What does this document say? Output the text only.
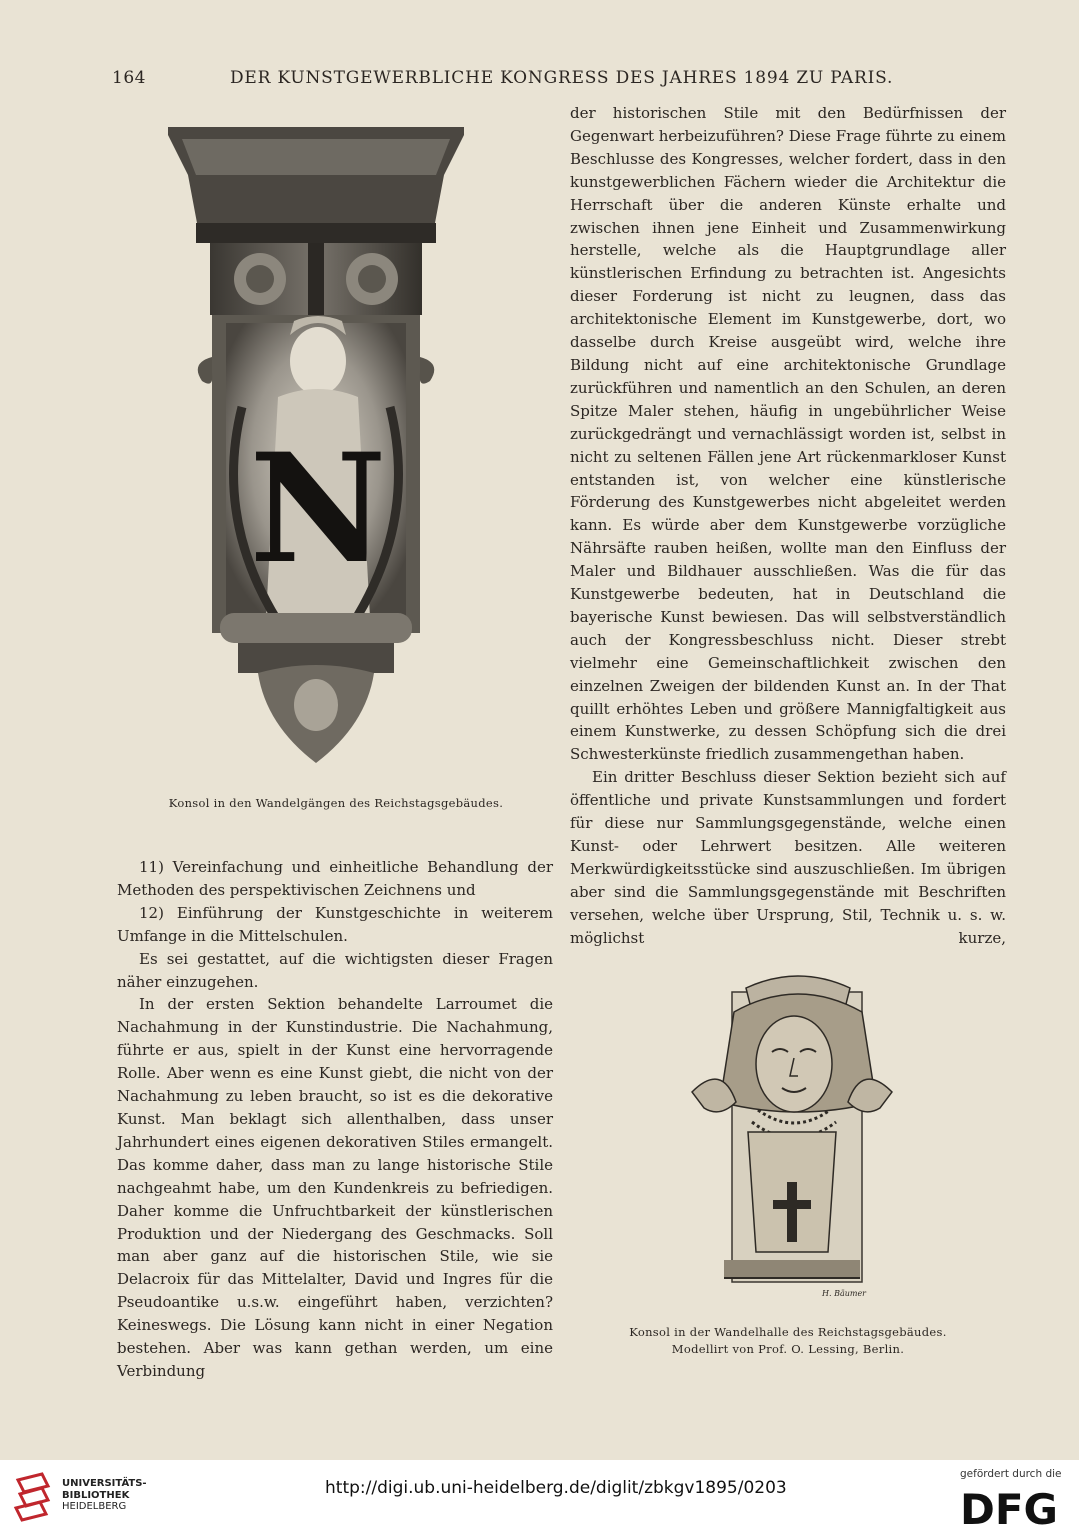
164	DER KUNSTGEWERBLICHE KONGRESS DES JAHRES 1894 ZU PARIS.
N
Konsol in den Wandelgängen des Reichstagsgebäudes.

11) Vereinfachung und einheitliche Behandlung der Methoden des perspektivischen Zeichnens und

12) Einführung der Kunstgeschichte in weiterem Umfange in die Mittelschulen.

Es sei gestattet, auf die wichtigsten dieser Fragen näher einzugehen.

In der ersten Sektion behandelte Larroumet die Nachahmung in der Kunstindustrie. Die Nachahmung, führte er aus, spielt in der Kunst eine hervorragende Rolle. Aber wenn es eine Kunst giebt, die nicht von der Nachahmung zu leben braucht, so ist es die dekorative Kunst. Man beklagt sich allenthalben, dass unser Jahrhundert eines eigenen dekorativen Stiles ermangelt. Das komme daher, dass man zu lange historische Stile nachgeahmt habe, um den Kundenkreis zu befriedigen. Daher komme die Unfruchtbarkeit der künstlerischen Produktion und der Niedergang des Geschmacks. Soll man aber ganz auf die historischen Stile, wie sie Delacroix für das Mittelalter, David und Ingres für die Pseudoantike u.s.w. eingeführt haben, verzichten? Keineswegs. Die Lösung kann nicht in einer Negation bestehen. Aber was kann gethan werden, um eine Verbindung

der historischen Stile mit den Bedürfnissen der Gegenwart herbeizuführen? Diese Frage führte zu einem Beschlusse des Kongresses, welcher fordert, dass in den kunstgewerblichen Fächern wieder die Architektur die Herrschaft über die anderen Künste erhalte und zwischen ihnen jene Einheit und Zusammenwirkung herstelle, welche als die Hauptgrundlage aller künstlerischen Erfindung zu betrachten ist. Angesichts dieser Forderung ist nicht zu leugnen, dass das architektonische Element im Kunstgewerbe, dort, wo dasselbe durch Kreise ausgeübt wird, welche ihre Bildung nicht auf eine architektonische Grundlage zurückführen und namentlich an den Schulen, an deren Spitze Maler stehen, häufig in ungebührlicher Weise zurückgedrängt und vernachlässigt worden ist, selbst in nicht zu seltenen Fällen jene Art rückenmarkloser Kunst entstanden ist, von welcher eine künstlerische Förderung des Kunstgewerbes nicht abgeleitet werden kann. Es würde aber dem Kunstgewerbe vorzügliche Nährsäfte rauben heißen, wollte man den Einfluss der Maler und Bildhauer ausschließen. Was die für das Kunstgewerbe bedeuten, hat in Deutschland die bayerische Kunst bewiesen. Das will selbstverständlich auch der Kongressbeschluss nicht. Dieser strebt vielmehr eine Gemeinschaftlichkeit zwischen den einzelnen Zweigen der bildenden Kunst an. In der That quillt erhöhtes Leben und größere Mannigfaltigkeit aus einem Kunstwerke, zu dessen Schöpfung sich die drei Schwesterkünste friedlich zusammengethan haben.

Ein dritter Beschluss dieser Sektion bezieht sich auf öffentliche und private Kunstsammlungen und fordert für diese nur Sammlungsgegenstände, welche einen Kunst- oder Lehrwert besitzen. Alle weiteren Merkwürdigkeitsstücke sind auszuschließen. Im übrigen aber sind die Sammlungsgegenstände mit Beschriften versehen, welche über Ursprung, Stil, Technik u. s. w. möglichst kurze,

H. Bäumer
Konsol in der Wandelhalle des Reichstagsgebäudes.
Modellirt von Prof. O. Lessing, Berlin.
UNIVERSITÄTS-
BIBLIOTHEK
HEIDELBERG
http://digi.ub.uni-heidelberg.de/diglit/zbkgv1895/0203
gefördert durch die
DFG
